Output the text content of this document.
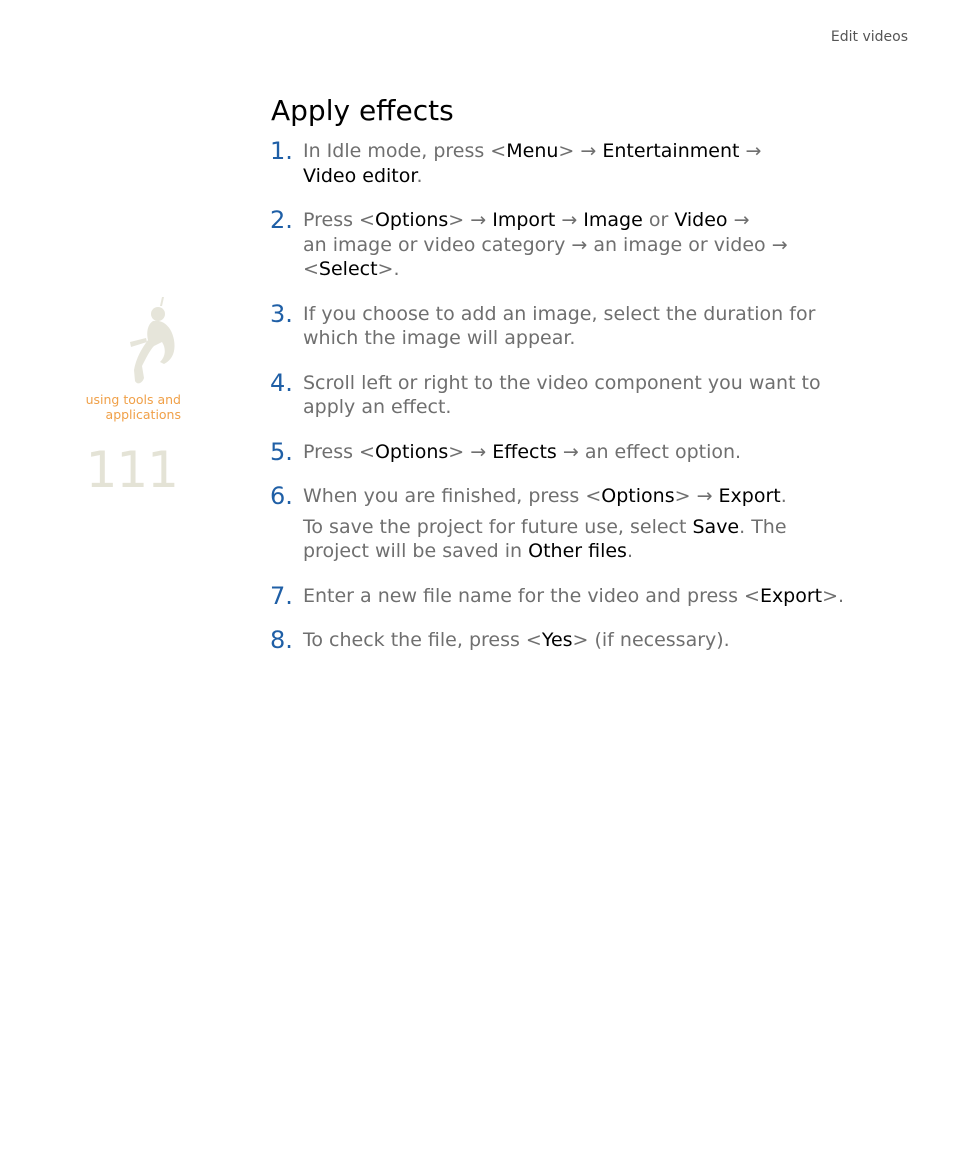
Edit videos
using tools and
applications
111
Apply effects
1. In Idle mode, press <Menu> → Entertainment →
Video editor.
2. Press <Options> → Import → Image or Video →
an image or video category → an image or video →
<Select>.
3. If you choose to add an image, select the duration for which the image will appear.
4. Scroll left or right to the video component you want to apply an effect.
5. Press <Options> → Effects → an effect option.
6. When you are finished, press <Options> → Export.
To save the project for future use, select Save. The project will be saved in Other files.
7. Enter a new file name for the video and press <Export>.
8. To check the file, press <Yes> (if necessary).
